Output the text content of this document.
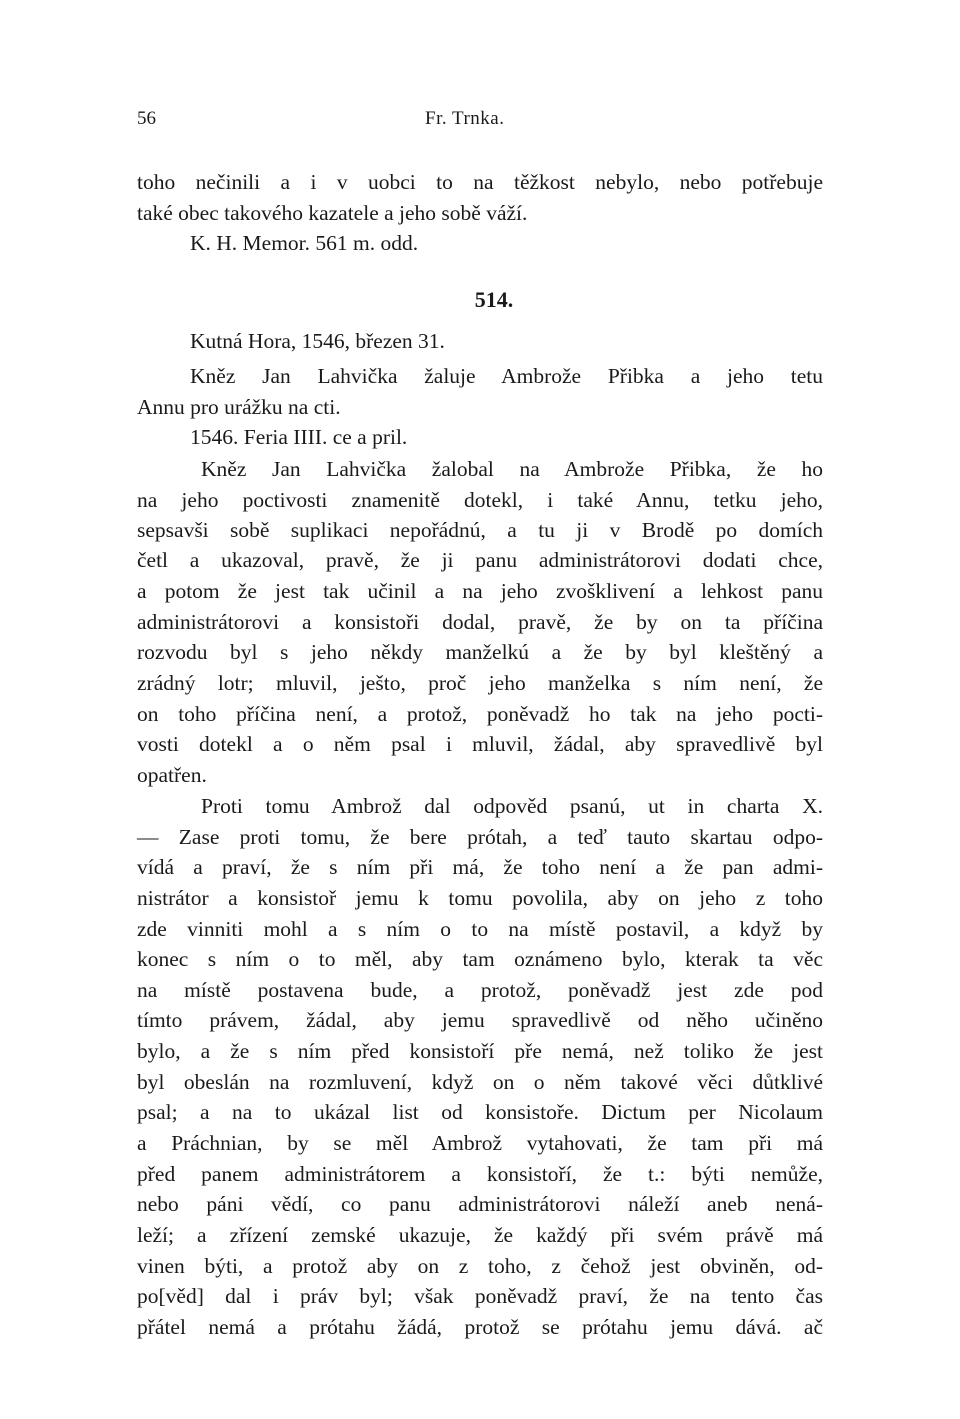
56	Fr. Trnka.
toho nečinili a i v uobci to na těžkost nebylo, nebo potřebuje
také obec takového kazatele a jeho sobě váží.
K. H. Memor. 561 m. odd.
514.
Kutná Hora, 1546, březen 31.
Kněz Jan Lahvička žaluje Ambrože Přibka a jeho tetu
Annu pro urážku na cti.
1546. Feria IIII. ce a pril.
Kněz Jan Lahvička žalobal na Ambrože Přibka, že ho
na jeho poctivosti znamenitě dotekl, i také Annu, tetku jeho,
sepsavši sobě suplikaci nepořádnú, a tu ji v Brodě po domích
četl a ukazoval, pravě, že ji panu administrátorovi dodati chce,
a potom že jest tak učinil a na jeho zvošklivení a lehkost panu
administrátorovi a konsistoři dodal, pravě, že by on ta příčina
rozvodu byl s jeho někdy manželkú a že by byl kleštěný a
zrádný lotr; mluvil, ješto, proč jeho manželka s ním není, že
on toho příčina není, a protož, poněvadž ho tak na jeho pocti-
vosti dotekl a o něm psal i mluvil, žádal, aby spravedlivě byl
opatřen.
Proti tomu Ambrož dal odpověd psanú, ut in charta X.
— Zase proti tomu, že bere prótah, a teď tauto skartau odpo-
vídá a praví, že s ním při má, že toho není a že pan admi-
nistrátor a konsistoř jemu k tomu povolila, aby on jeho z toho
zde vinniti mohl a s ním o to na místě postavil, a když by
konec s ním o to měl, aby tam oznámeno bylo, kterak ta věc
na místě postavena bude, a protož, poněvadž jest zde pod
tímto právem, žádal, aby jemu spravedlivě od něho učiněno
bylo, a že s ním před konsistoří pře nemá, než toliko že jest
byl obeslán na rozmluvení, když on o něm takové věci důtklivé
psal; a na to ukázal list od konsistoře. Dictum per Nicolaum
a Práchnian, by se měl Ambrož vytahovati, že tam při má
před panem administrátorem a konsistoří, že t.: býti nemůže,
nebo páni vědí, co panu administrátorovi náleží aneb nená-
leží; a zřízení zemské ukazuje, že každý při svém právě má
vinen býti, a protož aby on z toho, z čehož jest obviněn, od-
po[věd] dal i práv byl; však poněvadž praví, že na tento čas
přátel nemá a prótahu žádá, protož se prótahu jemu dává. ač
